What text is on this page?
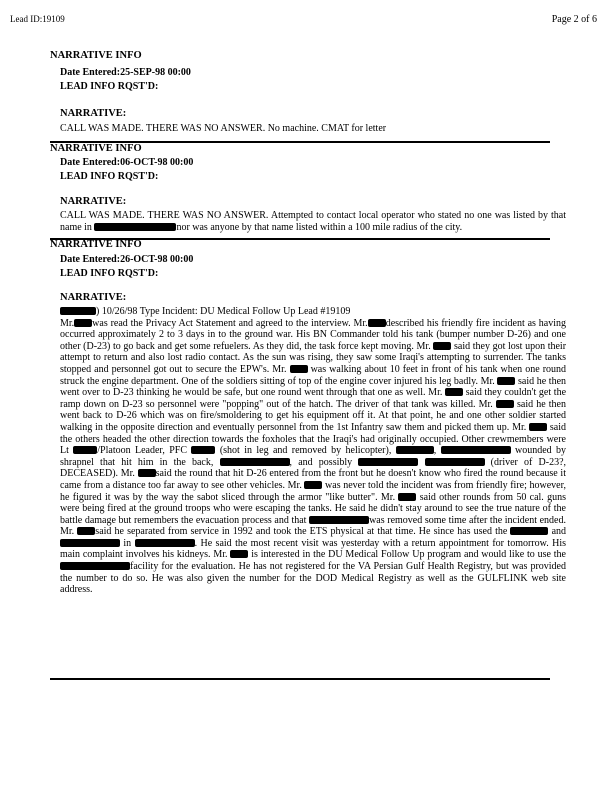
Lead ID:19109	Page 2 of 6
NARRATIVE INFO
Date Entered:25-SEP-98 00:00
LEAD INFO RQST'D:
NARRATIVE:
CALL WAS MADE. THERE WAS NO ANSWER. No machine. CMAT for letter
NARRATIVE INFO
Date Entered:06-OCT-98 00:00
LEAD INFO RQST'D:
NARRATIVE:
CALL WAS MADE. THERE WAS NO ANSWER. Attempted to contact local operator who stated no one was listed by that name in	nor was anyone by that name listed within a 100 mile radius of the city.
NARRATIVE INFO
Date Entered:26-OCT-98 00:00
LEAD INFO RQST'D:
NARRATIVE:

) 10/26/98 Type Incident: DU Medical Follow Up Lead #19109

Mr. was read the Privacy Act Statement and agreed to the interview. Mr. described his friendly fire incident as having occurred approximately 2 to 3 days in to the ground war. His BN Commander told his tank (bumper number D-26) and one other (D-23) to go back and get some refuelers. As they did, the task force kept moving. Mr. said they got lost upon their attempt to return and also lost radio contact. As the sun was rising, they saw some Iraqi's attempting to surrender. The tanks stopped and personnel got out to secure the EPW's. Mr. was walking about 10 feet in front of his tank when one round struck the engine department. One of the soldiers sitting of top of the engine cover injured his leg badly. Mr. said he then went over to D-23 thinking he would be safe, but one round went through that one as well. Mr. said they couldn't get the ramp down on D-23 so personnel were "popping" out of the hatch. The driver of that tank was killed. Mr. said he then went back to D-26 which was on fire/smoldering to get his equipment off it. At that point, he and one other soldier started walking in the opposite direction and eventually personnel from the 1st Infantry saw them and picked them up. Mr. said the others headed the other direction towards the foxholes that the Iraqi's had originally occupied. Other crewmembers were Lt	/Platoon Leader, PFC	(shot in leg and removed by helicopter),	,	wounded by shrapnel that hit him in the back,	, and possibly	(driver of D-23?, DECEASED). Mr. said the round that hit D-26 entered from the front but he doesn't know who fired the round because it came from a distance too far away to see other vehicles. Mr. was never told the incident was from friendly fire; however, he figured it was by the way the sabot sliced through the armor "like butter". Mr. said other rounds from 50 cal. guns were being fired at the ground troops who were escaping the tanks. He said he didn't stay around to see the true nature of the battle damage but remembers the evacuation process and that	was removed some time after the incident ended. Mr. said he separated from service in 1992 and took the ETS physical at that time. He since has used the	and  in	. He said the most recent visit was yesterday with a return appointment for tomorrow. His main complaint involves his kidneys. Mr. is interested in the DU Medical Follow Up program and would like to use thefacility for the evaluation. He has not registered for the VA Persian Gulf Health Registry, but was provided the number to do so. He was also given the number for the DOD Medical Registry as well as the GULFLINK web site address.
